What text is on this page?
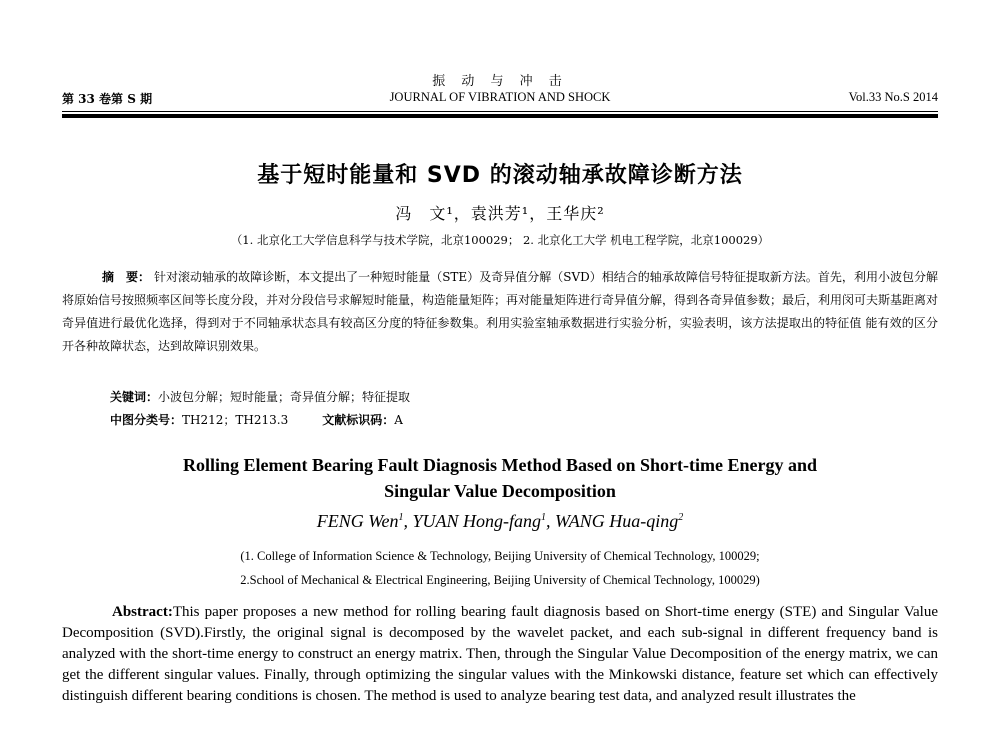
振 动 与 冲 击
第 33 卷第 S 期	JOURNAL OF VIBRATION AND SHOCK	Vol.33 No.S 2014
基于短时能量和 SVD 的滚动轴承故障诊断方法
冯　文¹，袁洪芳¹，王华庆²
（1. 北京化工大学信息科学与技术学院，北京100029； 2. 北京化工大学 机电工程学院，北京100029）
摘　要： 针对滚动轴承的故障诊断，本文提出了一种短时能量（STE）及奇异值分解（SVD）相结合的轴承故障信号特征提取新方法。首先，利用小波包分解将原始信号按照频率区间等长度分段，并对分段信号求解短时能量，构造能量矩阵；再对能量矩阵进行奇异值分解，得到各奇异值参数；最后，利用闵可夫斯基距离对奇异值进行最优化选择，得到对于不同轴承状态具有较高区分度的特征参数集。利用实验室轴承数据进行实验分析，实验表明，该方法提取出的特征值 能有效的区分开各种故障状态，达到故障识别效果。
关键词：小波包分解；短时能量；奇异值分解；特征提取
中图分类号：TH212；TH213.3	文献标识码：A
Rolling Element Bearing Fault Diagnosis Method Based on Short-time Energy and
Singular Value Decomposition
FENG Wen$^1$, YUAN Hong-fang$^1$, WANG Hua-qing$^2$
(1. College of Information Science & Technology, Beijing University of Chemical Technology, 100029;
2.School of Mechanical & Electrical Engineering, Beijing University of Chemical Technology, 100029)
Abstract:This paper proposes a new method for rolling bearing fault diagnosis based on Short-time energy (STE) and Singular Value Decomposition (SVD).Firstly, the original signal is decomposed by the wavelet packet, and each sub-signal in different frequency band is analyzed with the short-time energy to construct an energy matrix. Then, through the Singular Value Decomposition of the energy matrix, we can get the different singular values. Finally, through optimizing the singular values with the Minkowski distance, feature set which can effectively distinguish different bearing conditions is chosen. The method is used to analyze bearing test data, and analyzed result illustrates the
